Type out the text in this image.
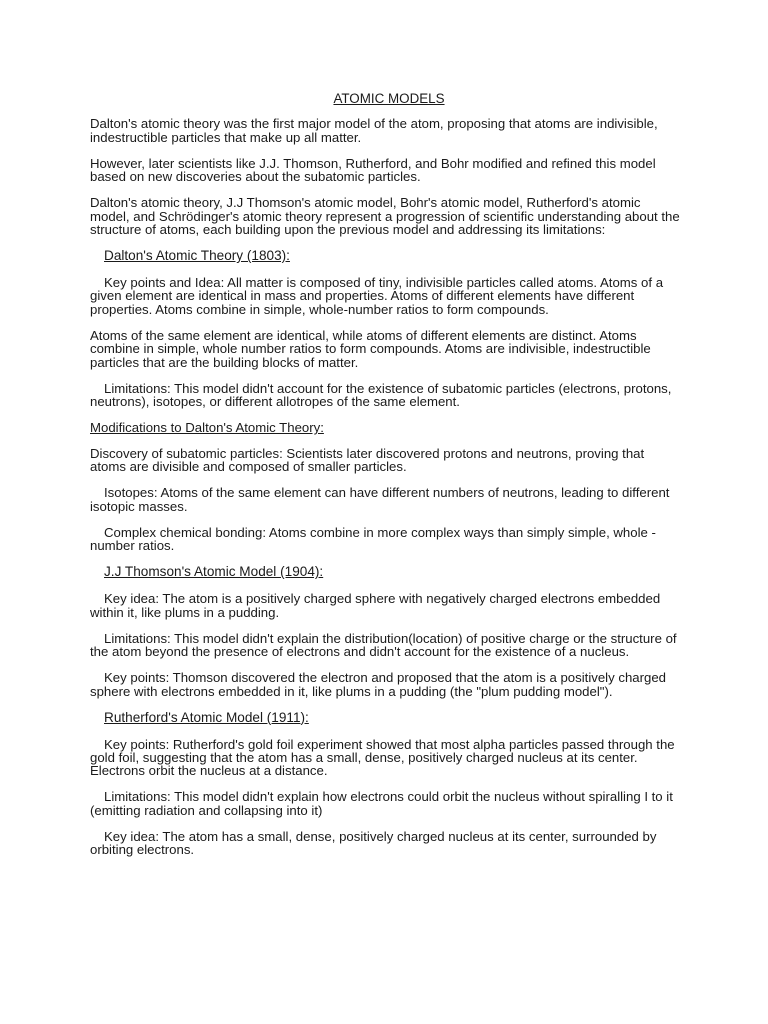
ATOMIC MODELS

Dalton's atomic theory was the first major model of the atom, proposing that atoms are indivisible, indestructible particles that make up all matter.

However, later scientists like J.J. Thomson, Rutherford, and Bohr modified and refined this model based on new discoveries about the subatomic particles.

Dalton's atomic theory, J.J Thomson's atomic model, Bohr's atomic model, Rutherford's atomic model, and Schrödinger's atomic theory represent a progression of scientific understanding about the structure of atoms, each building upon the previous model and addressing its limitations:

Dalton's Atomic Theory (1803):

Key points and Idea: All matter is composed of tiny, indivisible particles called atoms. Atoms of a given element are identical in mass and properties. Atoms of different elements have different properties. Atoms combine in simple, whole-number ratios to form compounds.

Atoms of the same element are identical, while atoms of different elements are distinct. Atoms combine in simple, whole number ratios to form compounds. Atoms are indivisible, indestructible particles that are the building blocks of matter.

Limitations: This model didn't account for the existence of subatomic particles (electrons, protons, neutrons), isotopes, or different allotropes of the same element.

Modifications to Dalton's Atomic Theory:

Discovery of subatomic particles: Scientists later discovered protons and neutrons, proving that atoms are divisible and composed of smaller particles.

Isotopes: Atoms of the same element can have different numbers of neutrons, leading to different isotopic masses.

Complex chemical bonding: Atoms combine in more complex ways than simply simple, whole -number ratios.

J.J Thomson's Atomic Model (1904):

Key idea: The atom is a positively charged sphere with negatively charged electrons embedded within it, like plums in a pudding.

Limitations: This model didn't explain the distribution(location) of positive charge or the structure of the atom beyond the presence of electrons and didn't account for the existence of a nucleus.

Key points: Thomson discovered the electron and proposed that the atom is a positively charged sphere with electrons embedded in it, like plums in a pudding (the "plum pudding model").

Rutherford's Atomic Model (1911):

Key points: Rutherford's gold foil experiment showed that most alpha particles passed through the gold foil, suggesting that the atom has a small, dense, positively charged nucleus at its center. Electrons orbit the nucleus at a distance.

Limitations: This model didn't explain how electrons could orbit the nucleus without spiralling I to it (emitting radiation and collapsing into it)

Key idea: The atom has a small, dense, positively charged nucleus at its center, surrounded by orbiting electrons.
